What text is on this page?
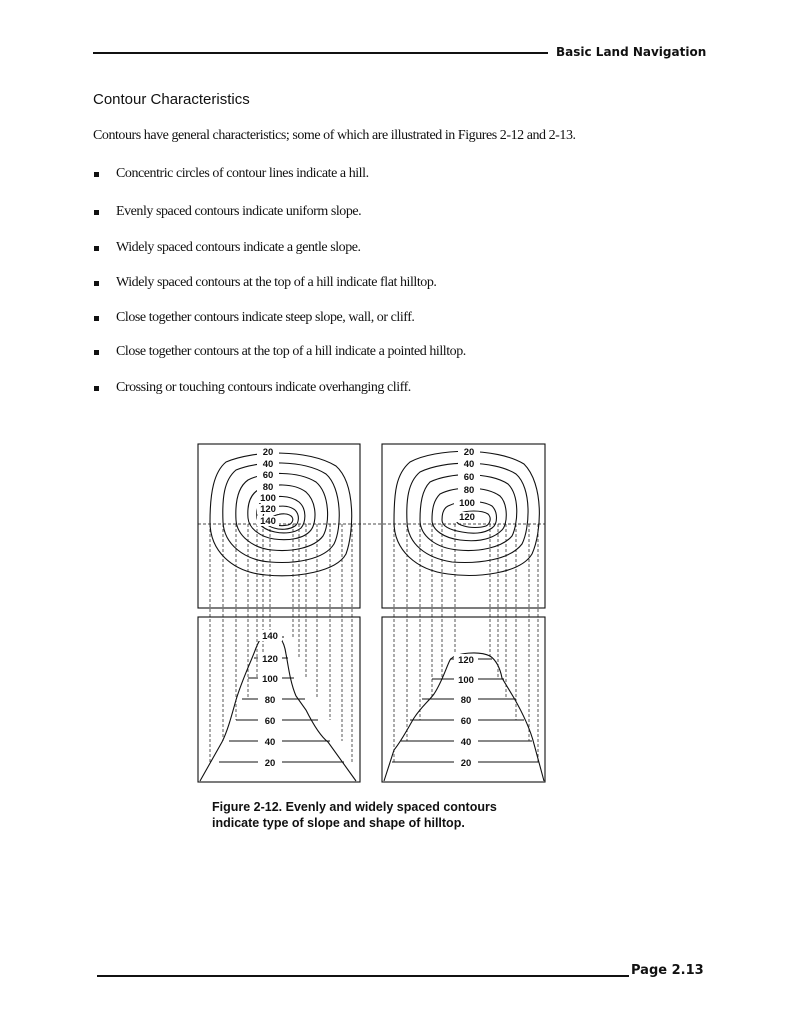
Basic Land Navigation
Contour Characteristics
Contours have general characteristics; some of which are illustrated in Figures 2-12 and 2-13.
Concentric circles of contour lines indicate a hill.
Evenly spaced contours indicate uniform slope.
Widely spaced contours indicate a gentle slope.
Widely spaced contours at the top of a hill indicate flat hilltop.
Close together contours indicate steep slope, wall, or cliff.
Close together contours at the top of a hill indicate a pointed hilltop.
Crossing or touching contours indicate overhanging cliff.
20
40
60
80
100
120
140
20
40
60
80
100
120
140
120
100
80
60
40
20
120
100
80
60
40
20
Figure 2-12. Evenly and widely spaced contours
indicate type of slope and shape of hilltop.
Page 2.13
